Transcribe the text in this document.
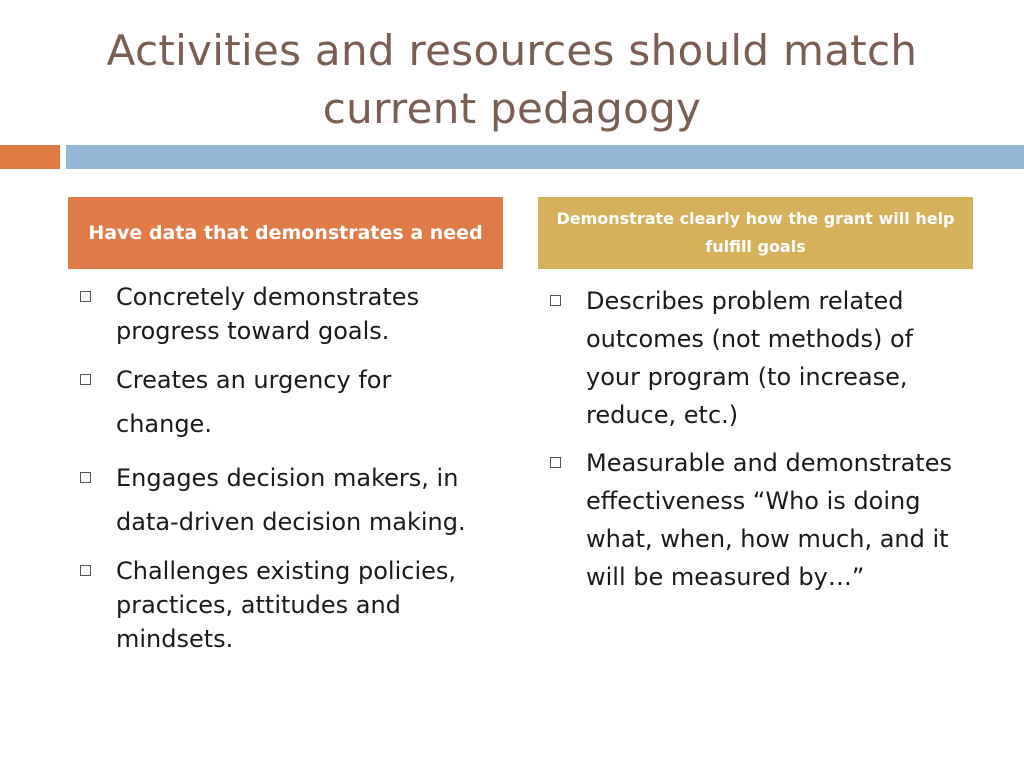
Activities and resources should match current pedagogy
Have data that demonstrates a need
Demonstrate clearly how the grant will help fulfill goals
Concretely demonstrates progress toward goals.
Creates an urgency for change.
Engages decision makers, in data-driven decision making.
Challenges existing policies, practices, attitudes and mindsets.
Describes problem related outcomes (not methods) of your program (to increase, reduce, etc.)
Measurable and demonstrates effectiveness “Who is doing what, when, how much, and it will be measured by…”
